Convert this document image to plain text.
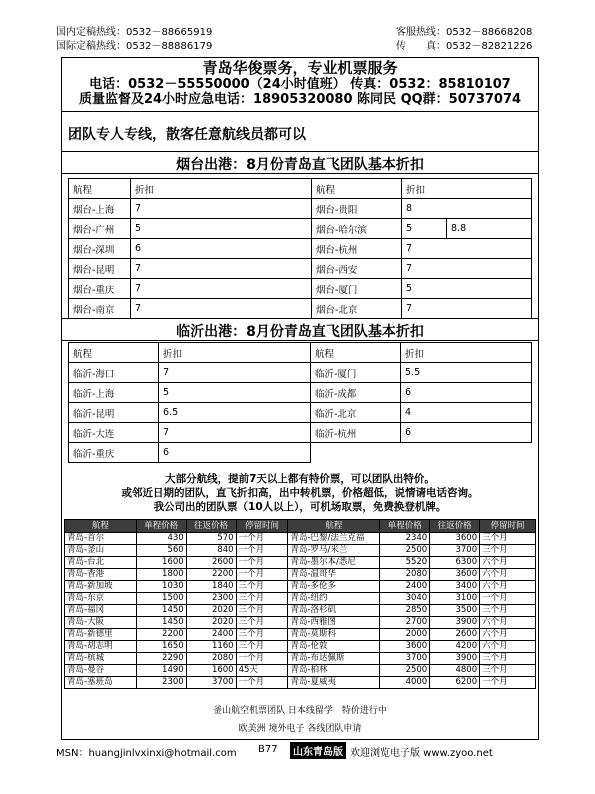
国内定稿热线：0532－88665919
国际定稿热线：0532－88886179
客服热线：0532－88668208
传　　真：0532－82821226
青岛华俊票务，专业机票服务
电话：0532－55550000（24小时值班） 传真：0532：85810107
质量监督及24小时应急电话：18905320080 陈同民 QQ群：50737074
团队专人专线，散客任意航线员都可以
烟台出港：8月份青岛直飞团队基本折扣
航程	折扣	航程	折扣	
烟台-上海	7	烟台-贵阳	8	
烟台-广州	5	烟台-哈尔滨	5	8.8
烟台-深圳	6	烟台-杭州	7	
烟台-昆明	7	烟台-西安	7	
烟台-重庆	7	烟台-厦门	5	
烟台-南京	7	烟台-北京	7	
临沂出港：8月份青岛直飞团队基本折扣
航程	折扣	航程	折扣
临沂-海口	7	临沂-厦门	5.5
临沂-上海	5	临沂-成都	6
临沂-昆明	6.5	临沂-北京	4
临沂-大连	7	临沂-杭州	6
临沂-重庆	6		
大部分航线，提前7天以上都有特价票，可以团队出特价。
或邻近日期的团队，直飞折扣高，出中转机票，价格超低，说情请电话咨询。
我公司出的团队票（10人以上），可机场取票，免费换登机牌。
航程	单程价格	往返价格	停留时间	航程	单程价格	往返价格	停留时间
青岛-首尔	430	570	一个月	青岛-巴黎/法兰克福	2340	3600	三个月
青岛-釜山	560	840	一个月	青岛-罗马/米兰	2500	3700	三个月
青岛-台北	1600	2600	一个月	青岛-墨尔本/悉尼	5520	6300	六个月
青岛-香港	1800	2200	一个月	青岛-温哥华	2080	3600	六个月
青岛-新加坡	1030	1840	三个月	青岛-多伦多	2400	3400	六个月
青岛-东京	1500	2300	三个月	青岛-纽约	3040	3100	一个月
青岛-福冈	1450	2020	三个月	青岛-洛杉矶	2850	3500	三个月
青岛-大阪	1450	2020	三个月	青岛-西雅图	2700	3900	六个月
青岛-新德里	2200	2400	三个月	青岛-莫斯科	2000	2600	六个月
青岛-胡志明	1650	1160	三个月	青岛-伦敦	3600	4200	六个月
青岛-槟城	2290	2080	一个月	青岛-布达佩斯	3700	3900	三个月
青岛-曼谷	1490	1600	45天	青岛-柏林	2500	4800	三个月
青岛-塞班岛	2300	3700	一个月	青岛-夏威夷	4000	6200	一个月
釜山航空机票团队 日本线留学　特价进行中
欧美洲 境外电子 各线团队申请
MSN：huangjinlvxinxi@hotmail.com B77	山东青岛版 欢迎浏览电子版 www.zyoo.net
